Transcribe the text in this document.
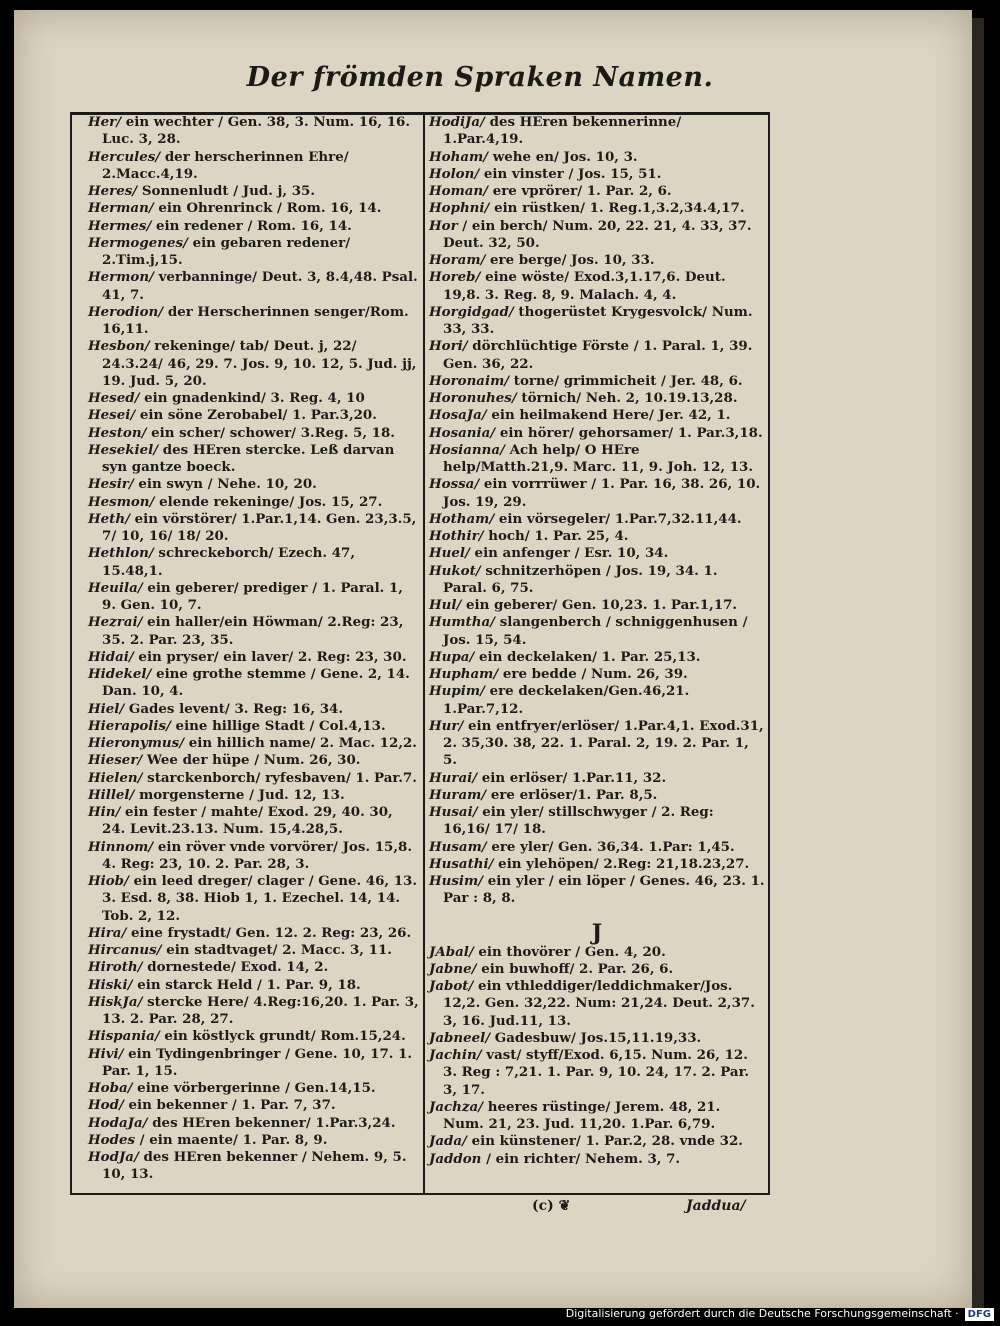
Der frömden Spraken Namen.

Her/ ein wechter / Gen. 38, 3. Num. 16, 16. Luc. 3, 28.

Hercules/ der herscherinnen Ehre/ 2.Macc.4,19.

Heres/ Sonnenludt / Jud. j, 35.

Herman/ ein Ohrenrinck / Rom. 16, 14.

Hermes/ ein redener / Rom. 16, 14.

Hermogenes/ ein gebaren redener/ 2.Tim.j,15.

Hermon/ verbanninge/ Deut. 3, 8.4,48. Psal. 41, 7.

Herodion/ der Herscherinnen senger/Rom. 16,11.

Hesbon/ rekeninge/ tab/ Deut. j, 22/ 24.3.24/ 46, 29. 7. Jos. 9, 10. 12, 5. Jud. jj, 19. Jud. 5, 20.

Hesed/ ein gnadenkind/ 3. Reg. 4, 10

Hesei/ ein söne Zerobabel/ 1. Par.3,20.

Heston/ ein scher/ schower/ 3.Reg. 5, 18.

Hesekiel/ des HEren stercke. Leß darvan syn gantze boeck.

Hesir/ ein swyn / Nehe. 10, 20.

Hesmon/ elende rekeninge/ Jos. 15, 27.

Heth/ ein vörstörer/ 1.Par.1,14. Gen. 23,3.5, 7/ 10, 16/ 18/ 20.

Hethlon/ schreckeborch/ Ezech. 47, 15.48,1.

Heuila/ ein geberer/ prediger / 1. Paral. 1, 9. Gen. 10, 7.

Hezrai/ ein haller/ein Höwman/ 2.Reg: 23, 35. 2. Par. 23, 35.

Hidai/ ein pryser/ ein laver/ 2. Reg: 23, 30.

Hidekel/ eine grothe stemme / Gene. 2, 14. Dan. 10, 4.

Hiel/ Gades levent/ 3. Reg: 16, 34.

Hierapolis/ eine hillige Stadt / Col.4,13.

Hieronymus/ ein hillich name/ 2. Mac. 12,2.

Hieser/ Wee der hüpe / Num. 26, 30.

Hielen/ starckenborch/ ryfesbaven/ 1. Par.7.

Hillel/ morgensterne / Jud. 12, 13.

Hin/ ein fester / mahte/ Exod. 29, 40. 30, 24. Levit.23.13. Num. 15,4.28,5.

Hinnom/ ein röver vnde vorvörer/ Jos. 15,8. 4. Reg: 23, 10. 2. Par. 28, 3.

Hiob/ ein leed dreger/ clager / Gene. 46, 13. 3. Esd. 8, 38. Hiob 1, 1. Ezechel. 14, 14. Tob. 2, 12.

Hira/ eine frystadt/ Gen. 12. 2. Reg: 23, 26.

Hircanus/ ein stadtvaget/ 2. Macc. 3, 11.

Hiroth/ dornestede/ Exod. 14, 2.

Hiski/ ein starck Held / 1. Par. 9, 18.

HiskJa/ stercke Here/ 4.Reg:16,20. 1. Par. 3, 13. 2. Par. 28, 27.

Hispania/ ein köstlyck grundt/ Rom.15,24.

Hivi/ ein Tydingenbringer / Gene. 10, 17. 1. Par. 1, 15.

Hoba/ eine vörbergerinne / Gen.14,15.

Hod/ ein bekenner / 1. Par. 7, 37.

HodaJa/ des HEren bekenner/ 1.Par.3,24.

Hodes / ein maente/ 1. Par. 8, 9.

HodJa/ des HEren bekenner / Nehem. 9, 5. 10, 13.

HodiJa/ des HEren bekennerinne/ 1.Par.4,19.

Hoham/ wehe en/ Jos. 10, 3.

Holon/ ein vinster / Jos. 15, 51.

Homan/ ere vprörer/ 1. Par. 2, 6.

Hophni/ ein rüstken/ 1. Reg.1,3.2,34.4,17.

Hor / ein berch/ Num. 20, 22. 21, 4. 33, 37. Deut. 32, 50.

Horam/ ere berge/ Jos. 10, 33.

Horeb/ eine wöste/ Exod.3,1.17,6. Deut. 19,8. 3. Reg. 8, 9. Malach. 4, 4.

Horgidgad/ thogerüstet Krygesvolck/ Num. 33, 33.

Hori/ dörchlüchtige Förste / 1. Paral. 1, 39. Gen. 36, 22.

Horonaim/ torne/ grimmicheit / Jer. 48, 6.

Horonuhes/ törnich/ Neh. 2, 10.19.13,28.

HosaJa/ ein heilmakend Here/ Jer. 42, 1.

Hosania/ ein hörer/ gehorsamer/ 1. Par.3,18.

Hosianna/ Ach help/ O HEre help/Matth.21,9. Marc. 11, 9. Joh. 12, 13.

Hossa/ ein vorrrüwer / 1. Par. 16, 38. 26, 10. Jos. 19, 29.

Hotham/ ein vörsegeler/ 1.Par.7,32.11,44.

Hothir/ hoch/ 1. Par. 25, 4.

Huel/ ein anfenger / Esr. 10, 34.

Hukot/ schnitzerhöpen / Jos. 19, 34. 1. Paral. 6, 75.

Hul/ ein geberer/ Gen. 10,23. 1. Par.1,17.

Humtha/ slangenberch / schniggenhusen / Jos. 15, 54.

Hupa/ ein deckelaken/ 1. Par. 25,13.

Hupham/ ere bedde / Num. 26, 39.

Hupim/ ere deckelaken/Gen.46,21. 1.Par.7,12.

Hur/ ein entfryer/erlöser/ 1.Par.4,1. Exod.31, 2. 35,30. 38, 22. 1. Paral. 2, 19. 2. Par. 1, 5.

Hurai/ ein erlöser/ 1.Par.11, 32.

Huram/ ere erlöser/1. Par. 8,5.

Husai/ ein yler/ stillschwyger / 2. Reg: 16,16/ 17/ 18.

Husam/ ere yler/ Gen. 36,34. 1.Par: 1,45.

Husathi/ ein ylehöpen/ 2.Reg: 21,18.23,27.

Husim/ ein yler / ein löper / Genes. 46, 23. 1. Par : 8, 8.

J

JAbal/ ein thovörer / Gen. 4, 20.

Jabne/ ein buwhoff/ 2. Par. 26, 6.

Jabot/ ein vthleddiger/leddichmaker/Jos. 12,2. Gen. 32,22. Num: 21,24. Deut. 2,37. 3, 16. Jud.11, 13.

Jabneel/ Gadesbuw/ Jos.15,11.19,33.

Jachin/ vast/ styff/Exod. 6,15. Num. 26, 12. 3. Reg : 7,21. 1. Par. 9, 10. 24, 17. 2. Par. 3, 17.

Jachza/ heeres rüstinge/ Jerem. 48, 21. Num. 21, 23. Jud. 11,20. 1.Par. 6,79.

Jada/ ein künstener/ 1. Par.2, 28. vnde 32.

Jaddon / ein richter/ Nehem. 3, 7.

(c) ❦	Jaddua/
Digitalisierung gefördert durch die Deutsche Forschungsgemeinschaft · DFG
